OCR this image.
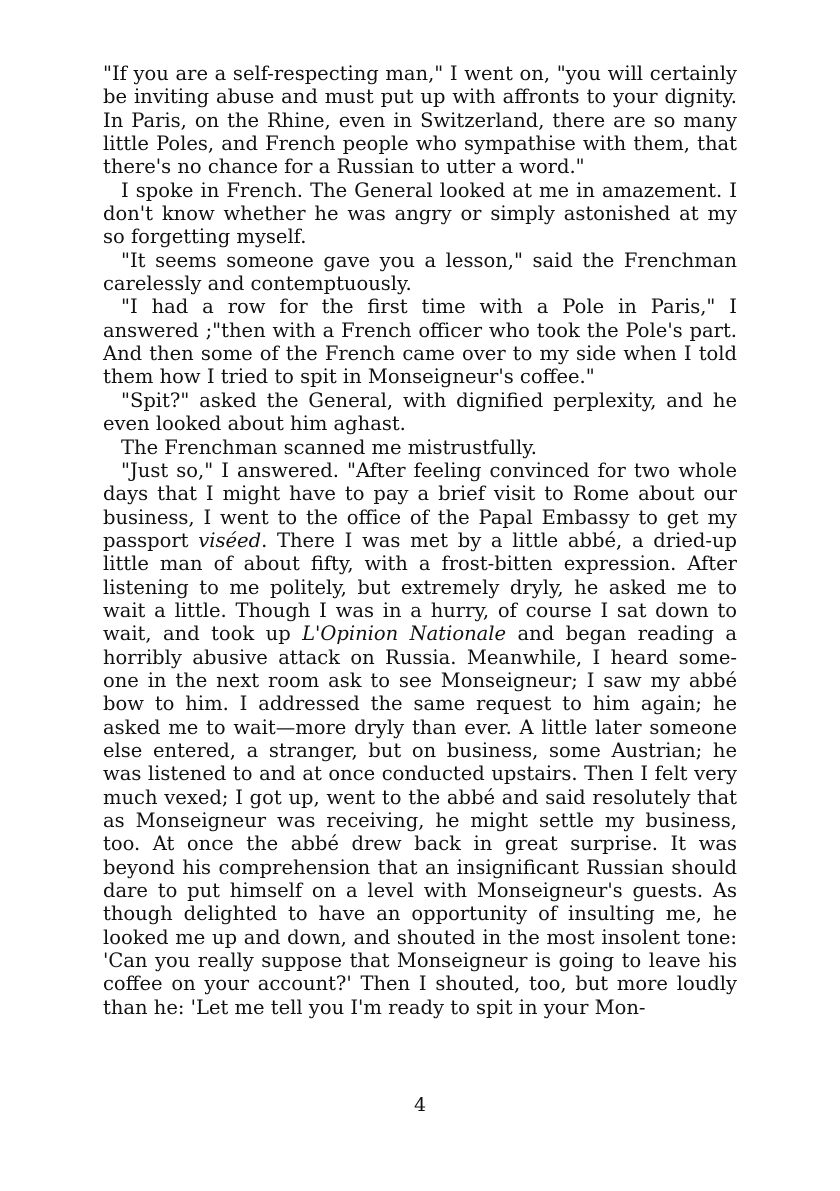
"If you are a self-respecting man," I went on, "you will certainly be inviting abuse and must put up with affronts to your dignity. In Paris, on the Rhine, even in Switzerland, there are so many little Poles, and French people who sympathise with them, that there's no chance for a Russian to utter a word."

I spoke in French. The General looked at me in amazement. I don't know whether he was angry or simply astonished at my so forgetting myself.

"It seems someone gave you a lesson," said the Frenchman carelessly and contemptuously.

"I had a row for the first time with a Pole in Paris," I answered ;"then with a French officer who took the Pole's part. And then some of the French came over to my side when I told them how I tried to spit in Monseigneur's coffee."

"Spit?" asked the General, with dignified perplexity, and he even looked about him aghast.

The Frenchman scanned me mistrustfully.

"Just so," I answered. "After feeling convinced for two whole days that I might have to pay a brief visit to Rome about our business, I went to the office of the Papal Embassy to get my passport viséed. There I was met by a little abbé, a dried-up little man of about fifty, with a frost-bitten expression. After listening to me politely, but extremely dryly, he asked me to wait a little. Though I was in a hurry, of course I sat down to wait, and took up L'Opinion Nationale and began reading a horribly abusive attack on Russia. Meanwhile, I heard some-one in the next room ask to see Monseigneur; I saw my abbé bow to him. I addressed the same request to him again; he asked me to wait—more dryly than ever. A little later someone else entered, a stranger, but on business, some Austrian; he was listened to and at once conducted upstairs. Then I felt very much vexed; I got up, went to the abbé and said resolutely that as Monseigneur was receiving, he might settle my business, too. At once the abbé drew back in great surprise. It was beyond his comprehension that an insignificant Russian should dare to put himself on a level with Monseigneur's guests. As though delighted to have an opportunity of insulting me, he looked me up and down, and shouted in the most insolent tone: 'Can you really suppose that Monseigneur is going to leave his coffee on your account?' Then I shouted, too, but more loudly than he: 'Let me tell you I'm ready to spit in your Mon-

4
